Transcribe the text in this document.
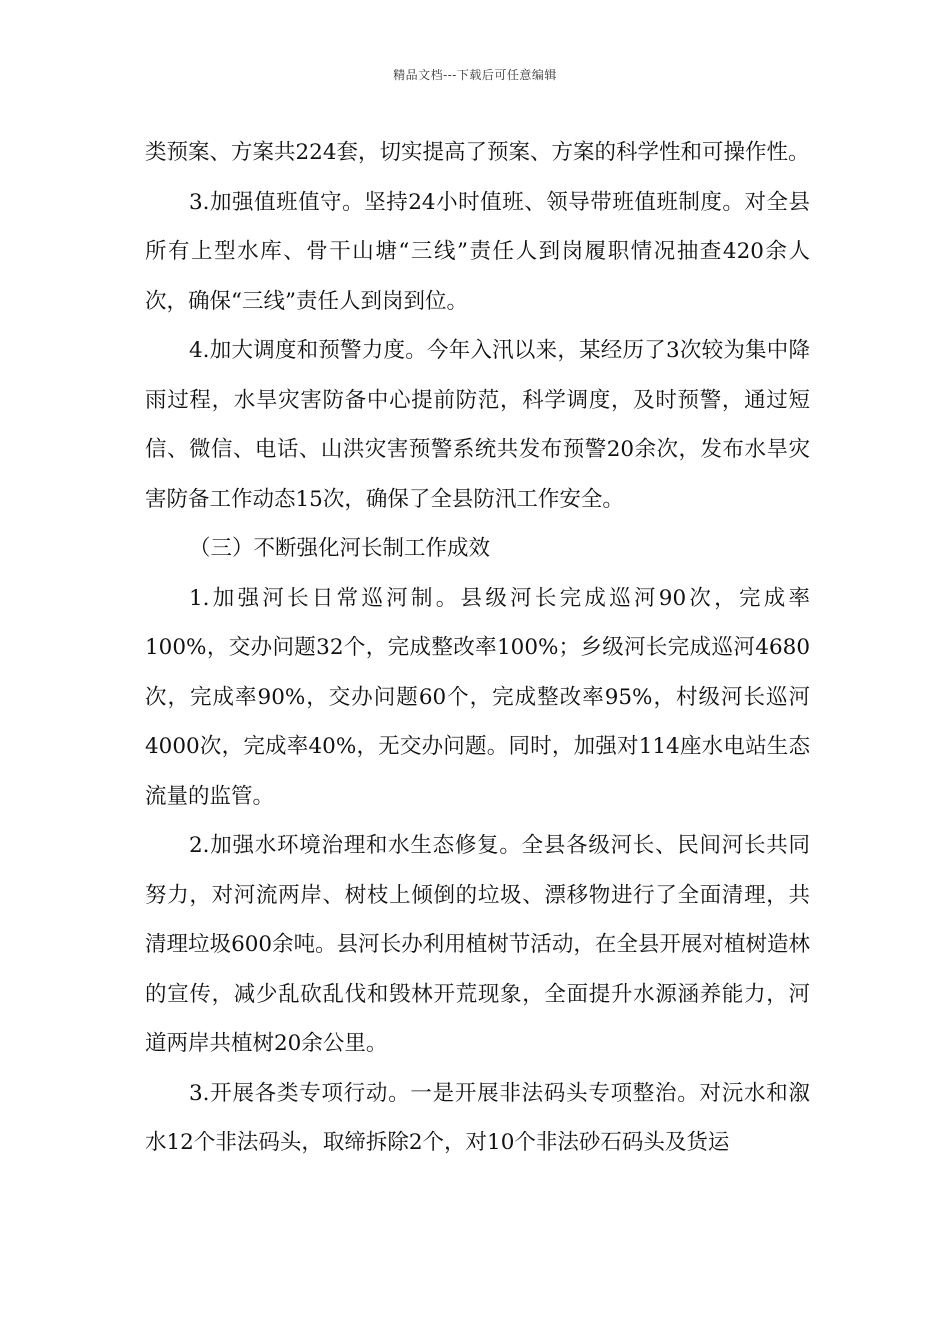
精品文档---下载后可任意编辑

类预案、方案共224套，切实提高了预案、方案的科学性和可操作性。

3.加强值班值守。坚持24小时值班、领导带班值班制度。对全县所有上型水库、骨干山塘“三线”责任人到岗履职情况抽查420余人次，确保“三线”责任人到岗到位。

4.加大调度和预警力度。今年入汛以来，某经历了3次较为集中降雨过程，水旱灾害防备中心提前防范，科学调度，及时预警，通过短信、微信、电话、山洪灾害预警系统共发布预警20余次，发布水旱灾害防备工作动态15次，确保了全县防汛工作安全。

（三）不断强化河长制工作成效

1.加强河长日常巡河制。县级河长完成巡河90次，完成率100%，交办问题32个，完成整改率100%；乡级河长完成巡河4680次，完成率90%，交办问题60个，完成整改率95%，村级河长巡河4000次，完成率40%，无交办问题。同时，加强对114座水电站生态流量的监管。

2.加强水环境治理和水生态修复。全县各级河长、民间河长共同努力，对河流两岸、树枝上倾倒的垃圾、漂移物进行了全面清理，共清理垃圾600余吨。县河长办利用植树节活动，在全县开展对植树造林的宣传，减少乱砍乱伐和毁林开荒现象，全面提升水源涵养能力，河道两岸共植树20余公里。

3.开展各类专项行动。一是开展非法码头专项整治。对沅水和溆水12个非法码头，取缔拆除2个，对10个非法砂石码头及货运
